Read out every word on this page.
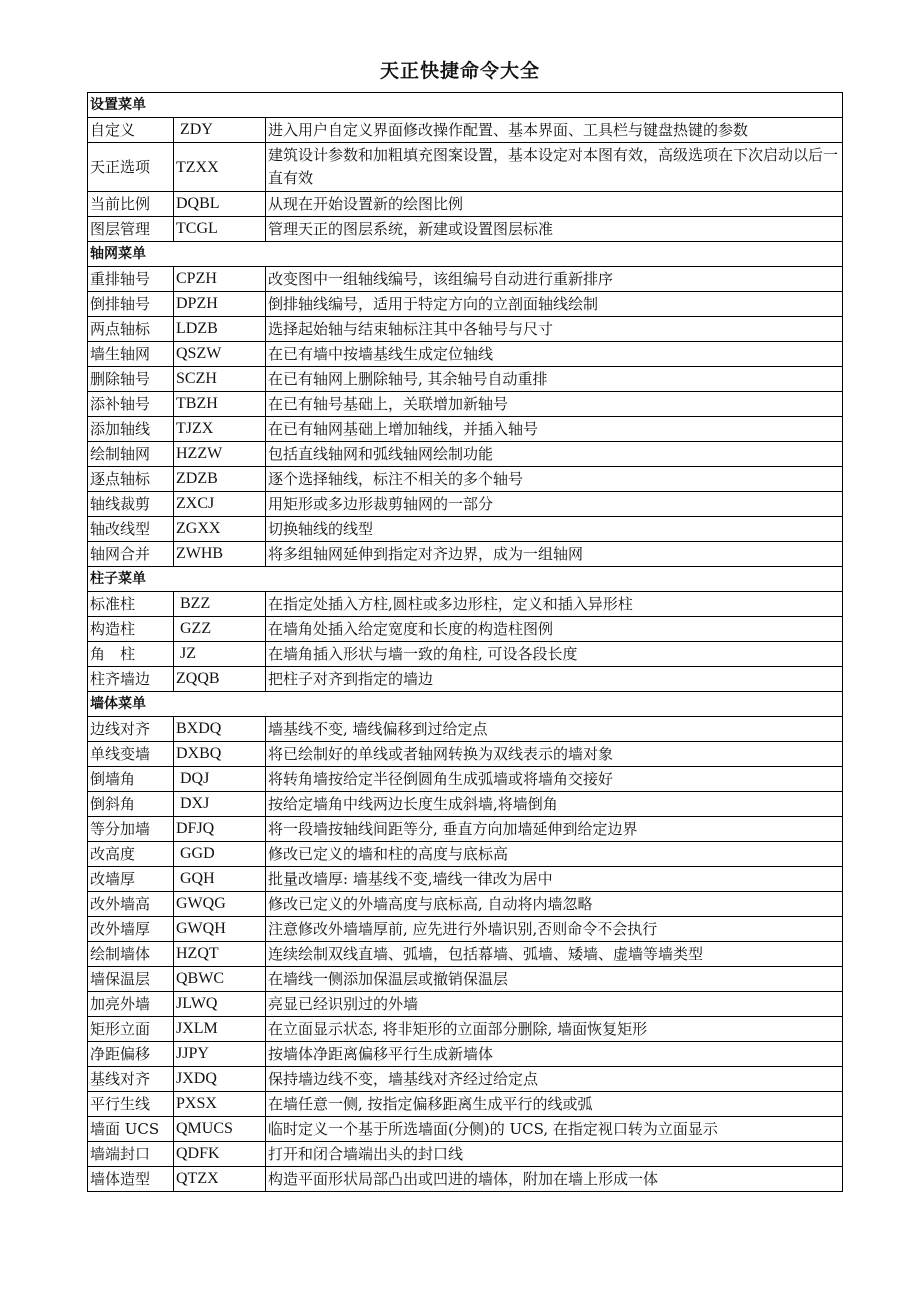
天正快捷命令大全
设置菜单		
自定义	ZDY	进入用户自定义界面修改操作配置、基本界面、工具栏与键盘热键的参数
天正选项	TZXX	建筑设计参数和加粗填充图案设置，基本设定对本图有效，高级选项在下次启动以后一直有效
当前比例	DQBL	从现在开始设置新的绘图比例
图层管理	TCGL	管理天正的图层系统，新建或设置图层标准
轴网菜单		
重排轴号	CPZH	改变图中一组轴线编号，该组编号自动进行重新排序
倒排轴号	DPZH	倒排轴线编号，适用于特定方向的立剖面轴线绘制
两点轴标	LDZB	选择起始轴与结束轴标注其中各轴号与尺寸
墙生轴网	QSZW	在已有墙中按墙基线生成定位轴线
删除轴号	SCZH	在已有轴网上删除轴号, 其余轴号自动重排
添补轴号	TBZH	在已有轴号基础上，关联增加新轴号
添加轴线	TJZX	在已有轴网基础上增加轴线，并插入轴号
绘制轴网	HZZW	包括直线轴网和弧线轴网绘制功能
逐点轴标	ZDZB	逐个选择轴线，标注不相关的多个轴号
轴线裁剪	ZXCJ	用矩形或多边形裁剪轴网的一部分
轴改线型	ZGXX	切换轴线的线型
轴网合并	ZWHB	将多组轴网延伸到指定对齐边界，成为一组轴网
柱子菜单		
标准柱	BZZ	在指定处插入方柱,圆柱或多边形柱，定义和插入异形柱
构造柱	GZZ	在墙角处插入给定宽度和长度的构造柱图例
角　柱	JZ	在墙角插入形状与墙一致的角柱, 可设各段长度
柱齐墙边	ZQQB	把柱子对齐到指定的墙边
墙体菜单		
边线对齐	BXDQ	墙基线不变, 墙线偏移到过给定点
单线变墙	DXBQ	将已绘制好的单线或者轴网转换为双线表示的墙对象
倒墙角	DQJ	将转角墙按给定半径倒圆角生成弧墙或将墙角交接好
倒斜角	DXJ	按给定墙角中线两边长度生成斜墙,将墙倒角
等分加墙	DFJQ	将一段墙按轴线间距等分, 垂直方向加墙延伸到给定边界
改高度	GGD	修改已定义的墙和柱的高度与底标高
改墙厚	GQH	批量改墙厚: 墙基线不变,墙线一律改为居中
改外墙高	GWQG	修改已定义的外墙高度与底标高, 自动将内墙忽略
改外墙厚	GWQH	注意修改外墙墙厚前, 应先进行外墙识别,否则命令不会执行
绘制墙体	HZQT	连续绘制双线直墙、弧墙，包括幕墙、弧墙、矮墙、虚墙等墙类型
墙保温层	QBWC	在墙线一侧添加保温层或撤销保温层
加亮外墙	JLWQ	亮显已经识别过的外墙
矩形立面	JXLM	在立面显示状态, 将非矩形的立面部分删除, 墙面恢复矩形
净距偏移	JJPY	按墙体净距离偏移平行生成新墙体
基线对齐	JXDQ	保持墙边线不变，墙基线对齐经过给定点
平行生线	PXSX	在墙任意一侧, 按指定偏移距离生成平行的线或弧
墙面 UCS	QMUCS	临时定义一个基于所选墙面(分侧)的 UCS, 在指定视口转为立面显示
墙端封口	QDFK	打开和闭合墙端出头的封口线
墙体造型	QTZX	构造平面形状局部凸出或凹进的墙体，附加在墙上形成一体
